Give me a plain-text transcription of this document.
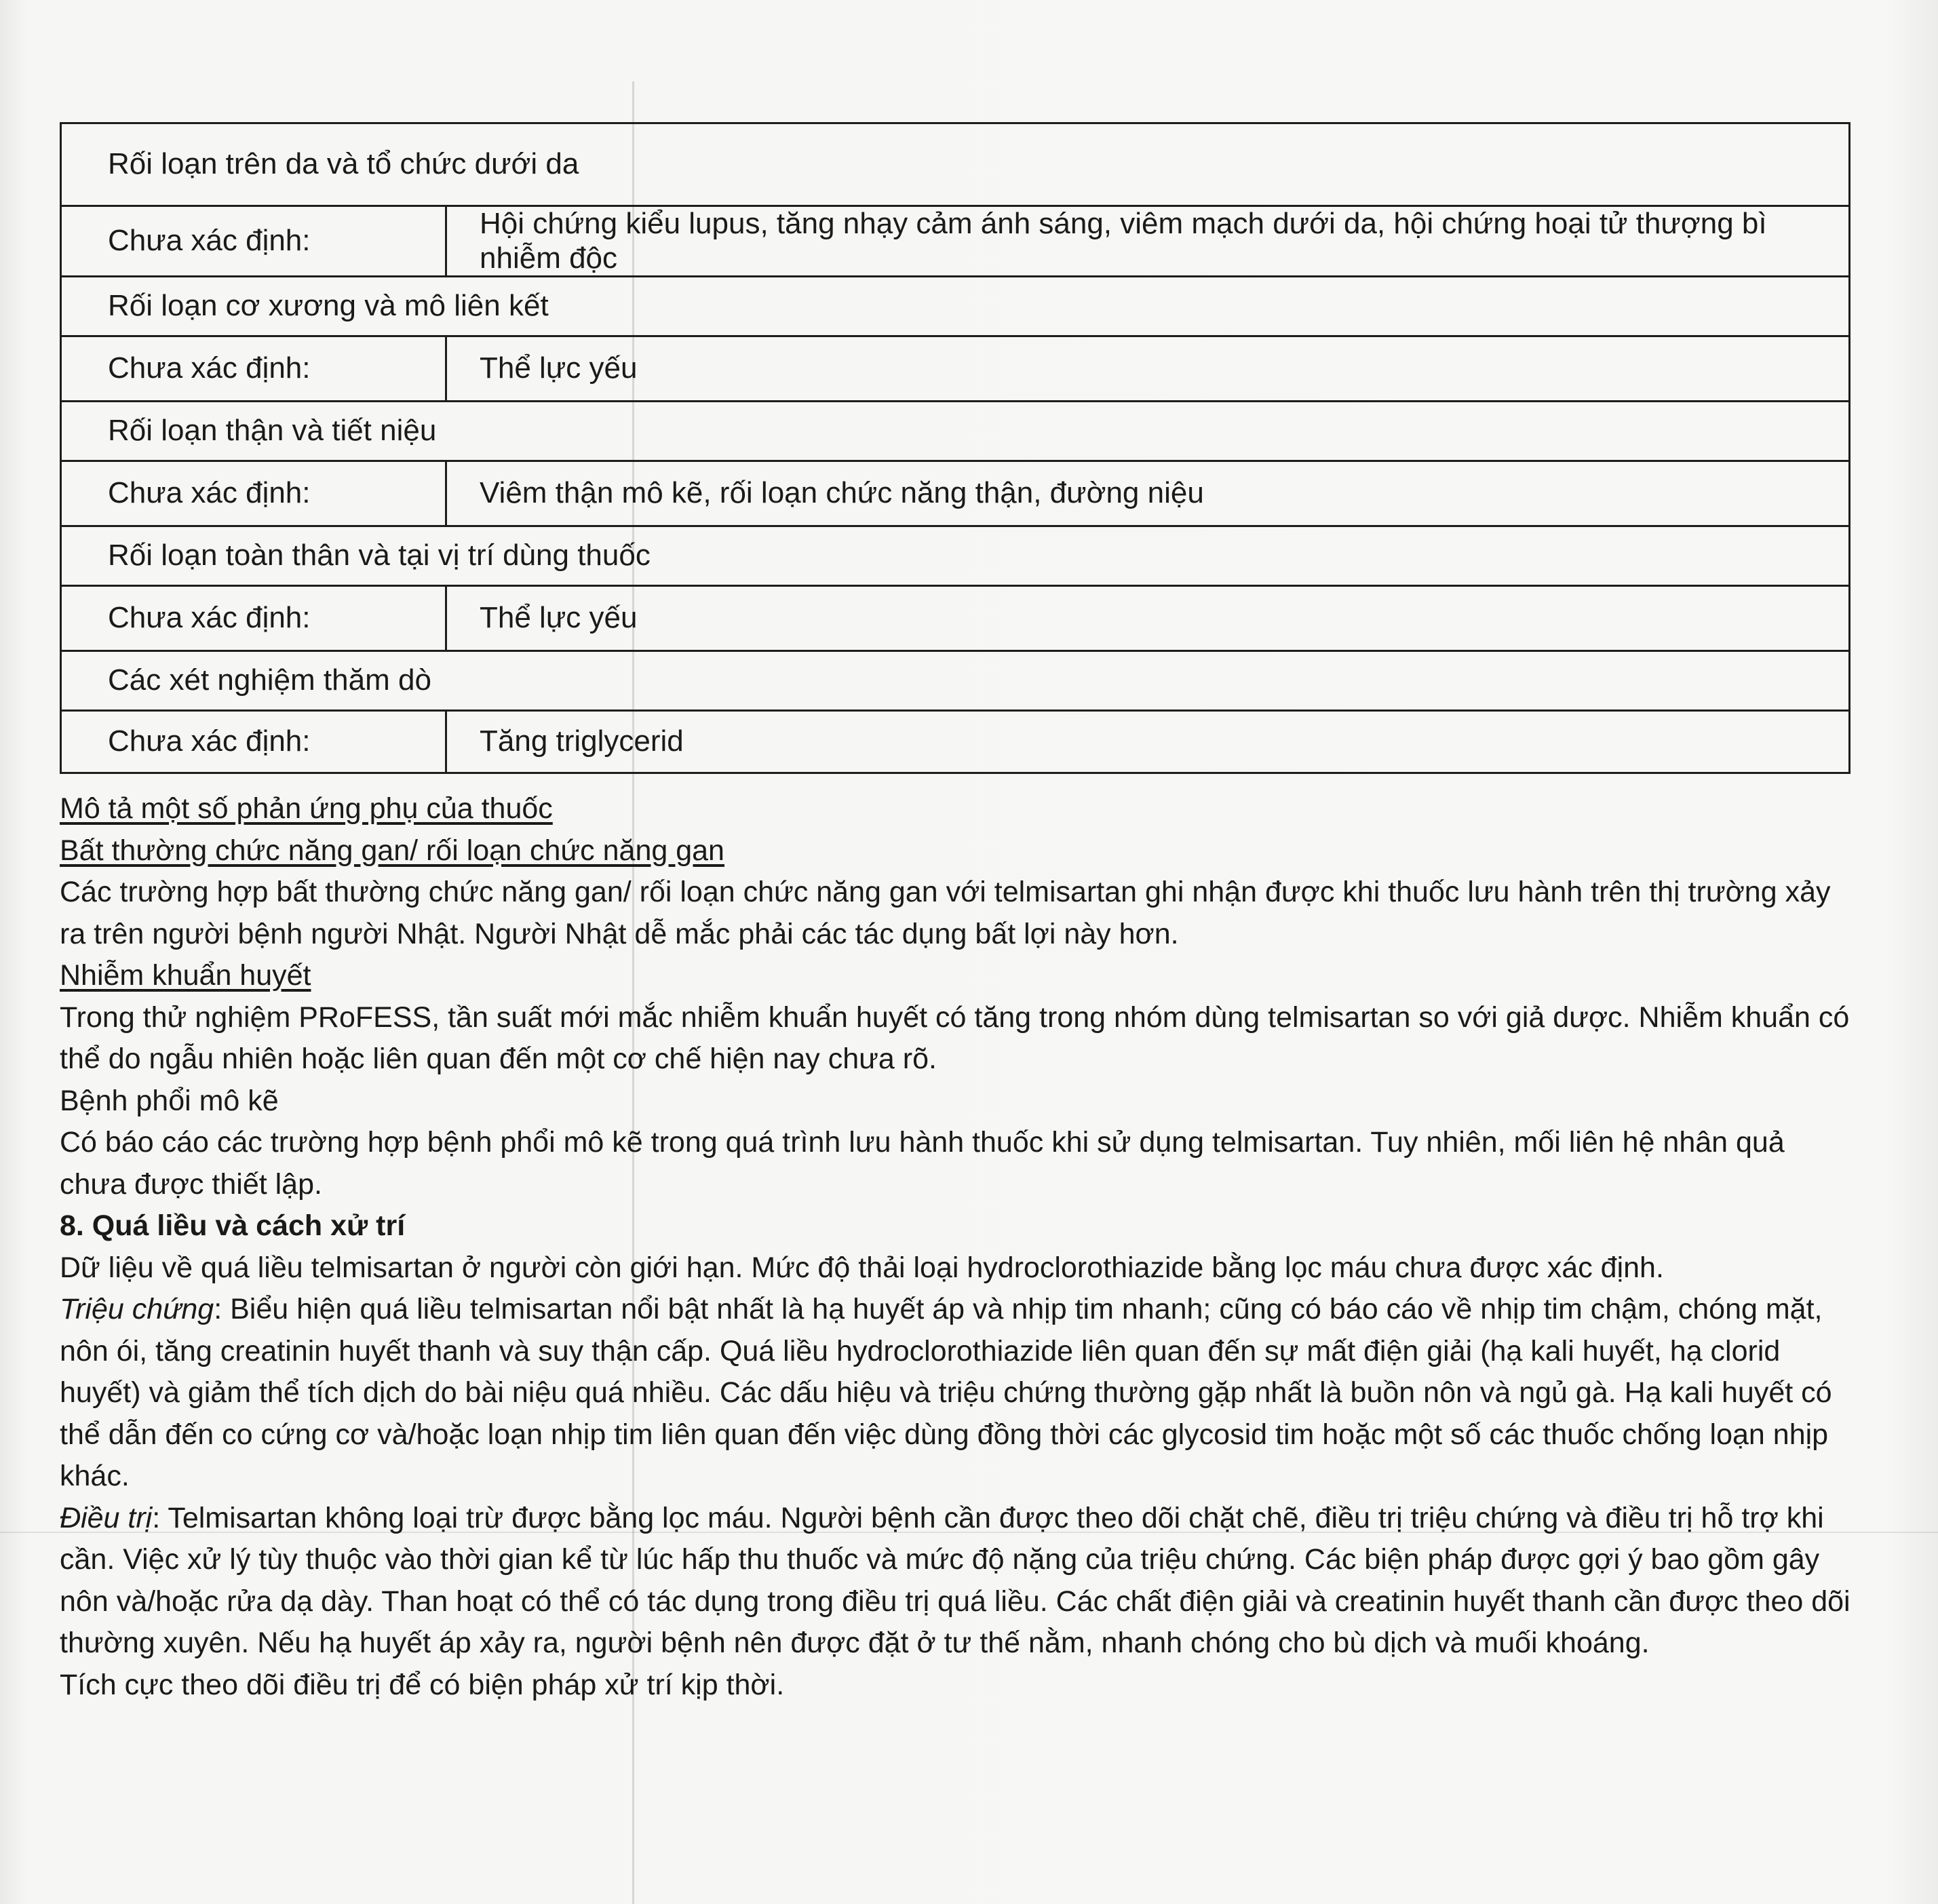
Rối loạn trên da và tổ chức dưới da	
Chưa xác định:	Hội chứng kiểu lupus, tăng nhạy cảm ánh sáng, viêm mạch dưới da, hội chứng hoại tử thượng bì nhiễm độc
Rối loạn cơ xương và mô liên kết	
Chưa xác định:	Thể lực yếu
Rối loạn thận và tiết niệu	
Chưa xác định:	Viêm thận mô kẽ, rối loạn chức năng thận, đường niệu
Rối loạn toàn thân và tại vị trí dùng thuốc	
Chưa xác định:	Thể lực yếu
Các xét nghiệm thăm dò	
Chưa xác định:	Tăng triglycerid

Mô tả một số phản ứng phụ của thuốc

Bất thường chức năng gan/ rối loạn chức năng gan

Các trường hợp bất thường chức năng gan/ rối loạn chức năng gan với telmisartan ghi nhận được khi thuốc lưu hành trên thị trường xảy ra trên người bệnh người Nhật. Người Nhật dễ mắc phải các tác dụng bất lợi này hơn.

Nhiễm khuẩn huyết

Trong thử nghiệm PRoFESS, tần suất mới mắc nhiễm khuẩn huyết có tăng trong nhóm dùng telmisartan so với giả dược. Nhiễm khuẩn có thể do ngẫu nhiên hoặc liên quan đến một cơ chế hiện nay chưa rõ.

Bệnh phổi mô kẽ

Có báo cáo các trường hợp bệnh phổi mô kẽ trong quá trình lưu hành thuốc khi sử dụng telmisartan. Tuy nhiên, mối liên hệ nhân quả chưa được thiết lập.

8. Quá liều và cách xử trí

Dữ liệu về quá liều telmisartan ở người còn giới hạn. Mức độ thải loại hydroclorothiazide bằng lọc máu chưa được xác định.

Triệu chứng: Biểu hiện quá liều telmisartan nổi bật nhất là hạ huyết áp và nhịp tim nhanh; cũng có báo cáo về nhịp tim chậm, chóng mặt, nôn ói, tăng creatinin huyết thanh và suy thận cấp. Quá liều hydroclorothiazide liên quan đến sự mất điện giải (hạ kali huyết, hạ clorid huyết) và giảm thể tích dịch do bài niệu quá nhiều. Các dấu hiệu và triệu chứng thường gặp nhất là buồn nôn và ngủ gà. Hạ kali huyết có thể dẫn đến co cứng cơ và/hoặc loạn nhịp tim liên quan đến việc dùng đồng thời các glycosid tim hoặc một số các thuốc chống loạn nhịp khác.

Điều trị: Telmisartan không loại trừ được bằng lọc máu. Người bệnh cần được theo dõi chặt chẽ, điều trị triệu chứng và điều trị hỗ trợ khi cần. Việc xử lý tùy thuộc vào thời gian kể từ lúc hấp thu thuốc và mức độ nặng của triệu chứng. Các biện pháp được gợi ý bao gồm gây nôn và/hoặc rửa dạ dày. Than hoạt có thể có tác dụng trong điều trị quá liều. Các chất điện giải và creatinin huyết thanh cần được theo dõi thường xuyên. Nếu hạ huyết áp xảy ra, người bệnh nên được đặt ở tư thế nằm, nhanh chóng cho bù dịch và muối khoáng.

Tích cực theo dõi điều trị để có biện pháp xử trí kịp thời.
